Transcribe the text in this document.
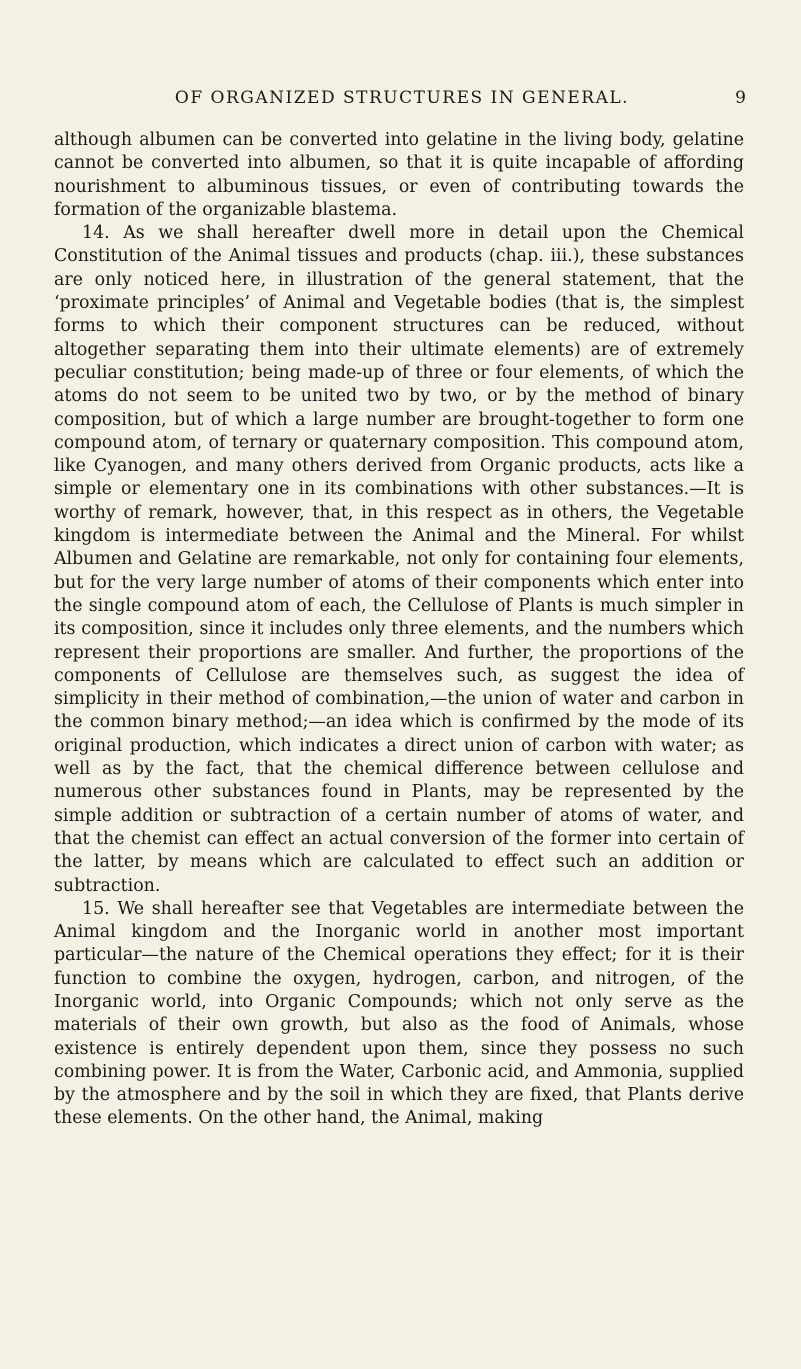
OF ORGANIZED STRUCTURES IN GENERAL.	9

although albumen can be converted into gelatine in the living body, gelatine cannot be converted into albumen, so that it is quite incapable of affording nourishment to albuminous tissues, or even of contributing towards the formation of the organizable blastema.

14. As we shall hereafter dwell more in detail upon the Chemical Constitution of the Animal tissues and products (chap. iii.), these substances are only noticed here, in illustration of the general statement, that the ‘proximate principles’ of Animal and Vegetable bodies (that is, the simplest forms to which their component structures can be reduced, without altogether separating them into their ultimate elements) are of extremely peculiar constitution; being made-up of three or four elements, of which the atoms do not seem to be united two by two, or by the method of binary composition, but of which a large number are brought-together to form one compound atom, of ternary or quaternary composition. This compound atom, like Cyanogen, and many others derived from Organic products, acts like a simple or elementary one in its combinations with other substances.—It is worthy of remark, however, that, in this respect as in others, the Vegetable kingdom is intermediate between the Animal and the Mineral. For whilst Albumen and Gelatine are remarkable, not only for containing four elements, but for the very large number of atoms of their components which enter into the single compound atom of each, the Cellulose of Plants is much simpler in its composition, since it includes only three elements, and the numbers which represent their proportions are smaller. And further, the proportions of the components of Cellulose are themselves such, as suggest the idea of simplicity in their method of combination,—the union of water and carbon in the common binary method;—an idea which is confirmed by the mode of its original production, which indicates a direct union of carbon with water; as well as by the fact, that the chemical difference between cellulose and numerous other substances found in Plants, may be represented by the simple addition or subtraction of a certain number of atoms of water, and that the chemist can effect an actual conversion of the former into certain of the latter, by means which are calculated to effect such an addition or subtraction.

15. We shall hereafter see that Vegetables are intermediate between the Animal kingdom and the Inorganic world in another most important particular—the nature of the Chemical operations they effect; for it is their function to combine the oxygen, hydrogen, carbon, and nitrogen, of the Inorganic world, into Organic Compounds; which not only serve as the materials of their own growth, but also as the food of Animals, whose existence is entirely dependent upon them, since they possess no such combining power. It is from the Water, Carbonic acid, and Ammonia, supplied by the atmosphere and by the soil in which they are fixed, that Plants derive these elements. On the other hand, the Animal, making
